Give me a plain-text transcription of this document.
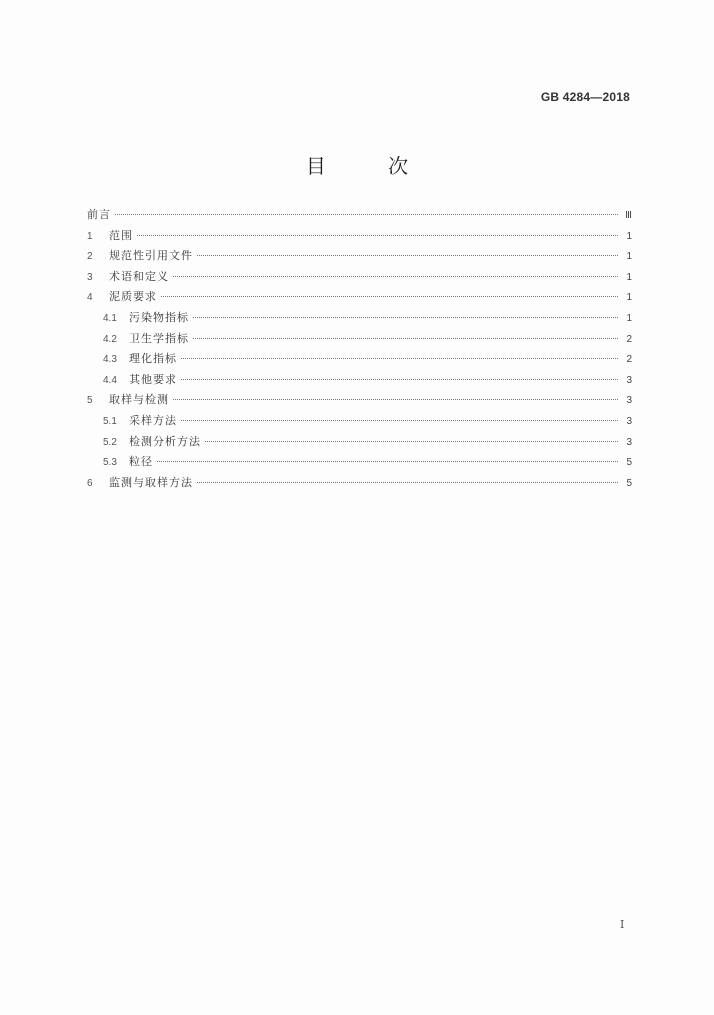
GB 4284—2018
目 次
前言	Ⅲ
1	范围	1
2	规范性引用文件	1
3	术语和定义	1
4	泥质要求	1
4.1	污染物指标	1
4.2	卫生学指标	2
4.3	理化指标	2
4.4	其他要求	3
5	取样与检测	3
5.1	采样方法	3
5.2	检测分析方法	3
5.3	粒径	5
6	监测与取样方法	5
I
